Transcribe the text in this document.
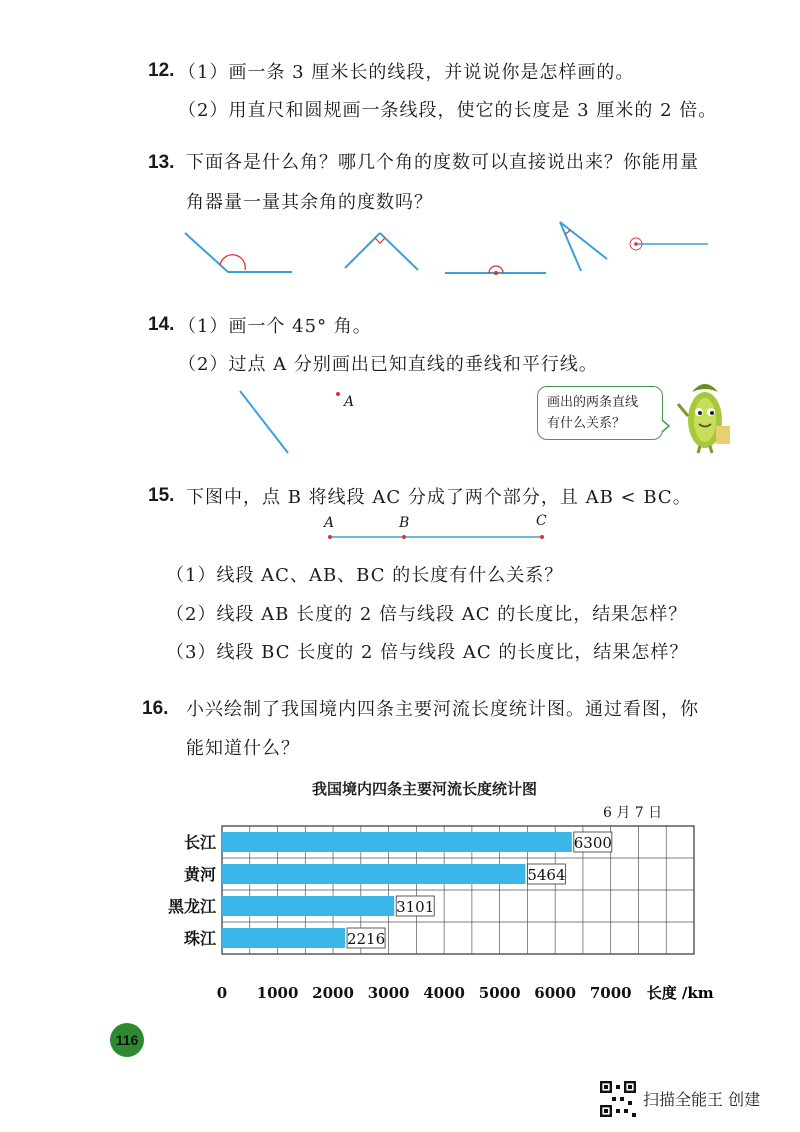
12. （1）画一条 3 厘米长的线段，并说说你是怎样画的。
（2）用直尺和圆规画一条线段，使它的长度是 3 厘米的 2 倍。
13. 下面各是什么角？哪几个角的度数可以直接说出来？你能用量
角器量一量其余角的度数吗？
14. （1）画一个 45° 角。
（2）过点 A 分别画出已知直线的垂线和平行线。
A	画出的两条直线
有什么关系？
15. 下图中，点 B 将线段 AC 分成了两个部分，且 AB < BC。
A	B	C
（1）线段 AC、AB、BC 的长度有什么关系？
（2）线段 AB 长度的 2 倍与线段 AC 的长度比，结果怎样？
（3）线段 BC 长度的 2 倍与线段 AC 的长度比，结果怎样？
16. 小兴绘制了我国境内四条主要河流长度统计图。通过看图，你
能知道什么？
我国境内四条主要河流长度统计图
6 月 7 日
长江
黄河
黑龙江
珠江
6300
5464
3101
2216
0 1000 2000 3000 4000 5000 6000 7000 长度 /km
116
扫描全能王 创建
